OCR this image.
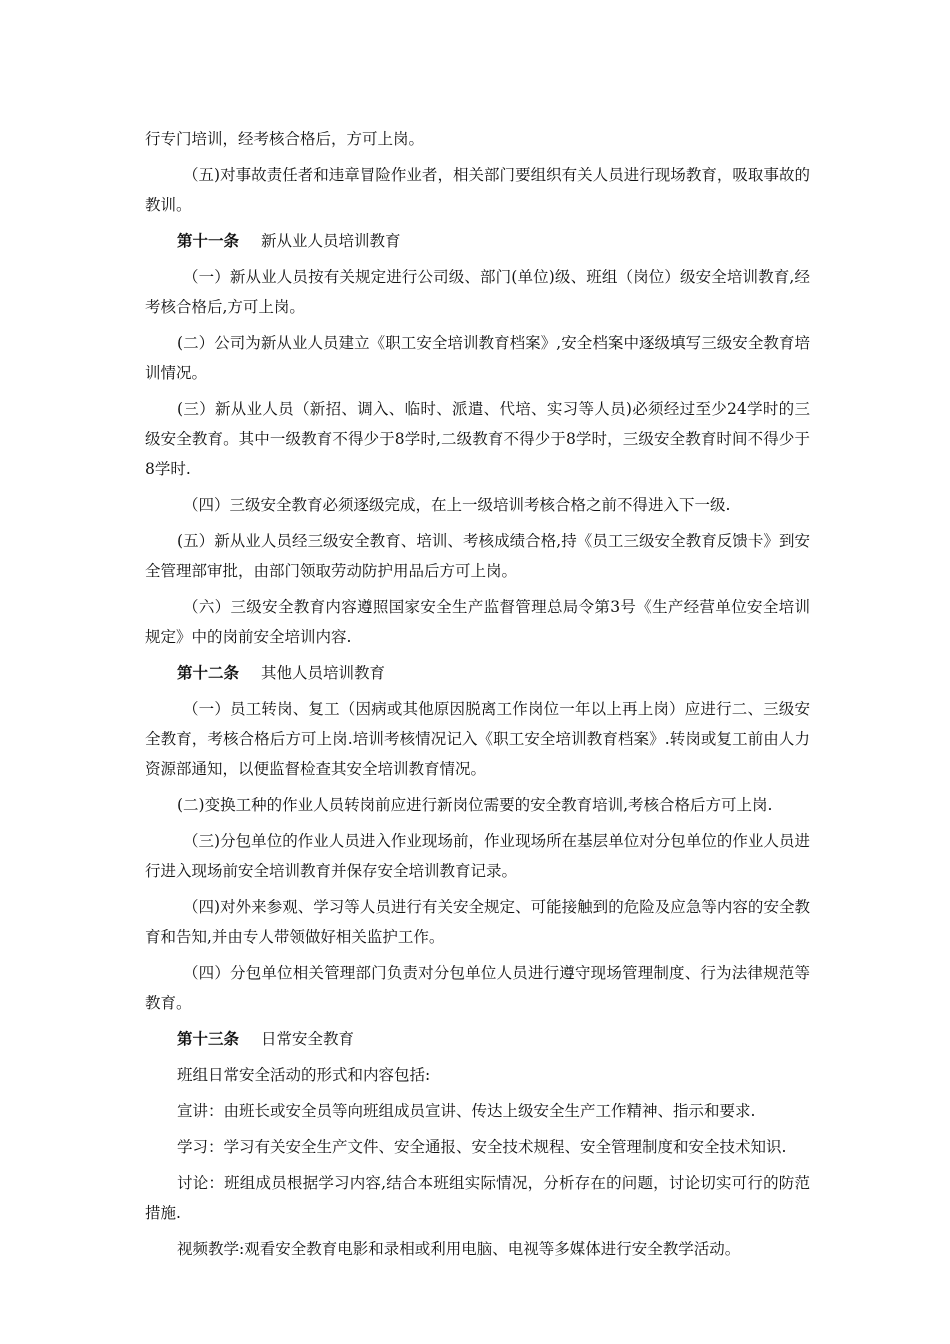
行专门培训，经考核合格后，方可上岗。

（五)对事故责任者和违章冒险作业者，相关部门要组织有关人员进行现场教育，吸取事故的教训。

第十一条 新从业人员培训教育

（一）新从业人员按有关规定进行公司级、部门(单位)级、班组（岗位）级安全培训教育,经考核合格后,方可上岗。

(二）公司为新从业人员建立《职工安全培训教育档案》,安全档案中逐级填写三级安全教育培训情况。

(三）新从业人员（新招、调入、临时、派遣、代培、实习等人员)必须经过至少24学时的三级安全教育。其中一级教育不得少于8学时,二级教育不得少于8学时，三级安全教育时间不得少于8学时.

（四）三级安全教育必须逐级完成，在上一级培训考核合格之前不得进入下一级.

(五）新从业人员经三级安全教育、培训、考核成绩合格,持《员工三级安全教育反馈卡》到安全管理部审批，由部门领取劳动防护用品后方可上岗。

（六）三级安全教育内容遵照国家安全生产监督管理总局令第3号《生产经营单位安全培训规定》中的岗前安全培训内容.

第十二条 其他人员培训教育

（一）员工转岗、复工（因病或其他原因脱离工作岗位一年以上再上岗）应进行二、三级安全教育，考核合格后方可上岗.培训考核情况记入《职工安全培训教育档案》.转岗或复工前由人力资源部通知，以便监督检查其安全培训教育情况。

(二)变换工种的作业人员转岗前应进行新岗位需要的安全教育培训,考核合格后方可上岗.

（三)分包单位的作业人员进入作业现场前，作业现场所在基层单位对分包单位的作业人员进行进入现场前安全培训教育并保存安全培训教育记录。

（四)对外来参观、学习等人员进行有关安全规定、可能接触到的危险及应急等内容的安全教育和告知,并由专人带领做好相关监护工作。

（四）分包单位相关管理部门负责对分包单位人员进行遵守现场管理制度、行为法律规范等教育。

第十三条 日常安全教育

班组日常安全活动的形式和内容包括:

宣讲：由班长或安全员等向班组成员宣讲、传达上级安全生产工作精神、指示和要求.

学习：学习有关安全生产文件、安全通报、安全技术规程、安全管理制度和安全技术知识.

讨论：班组成员根据学习内容,结合本班组实际情况，分析存在的问题，讨论切实可行的防范措施.

视频教学:观看安全教育电影和录相或利用电脑、电视等多媒体进行安全教学活动。
